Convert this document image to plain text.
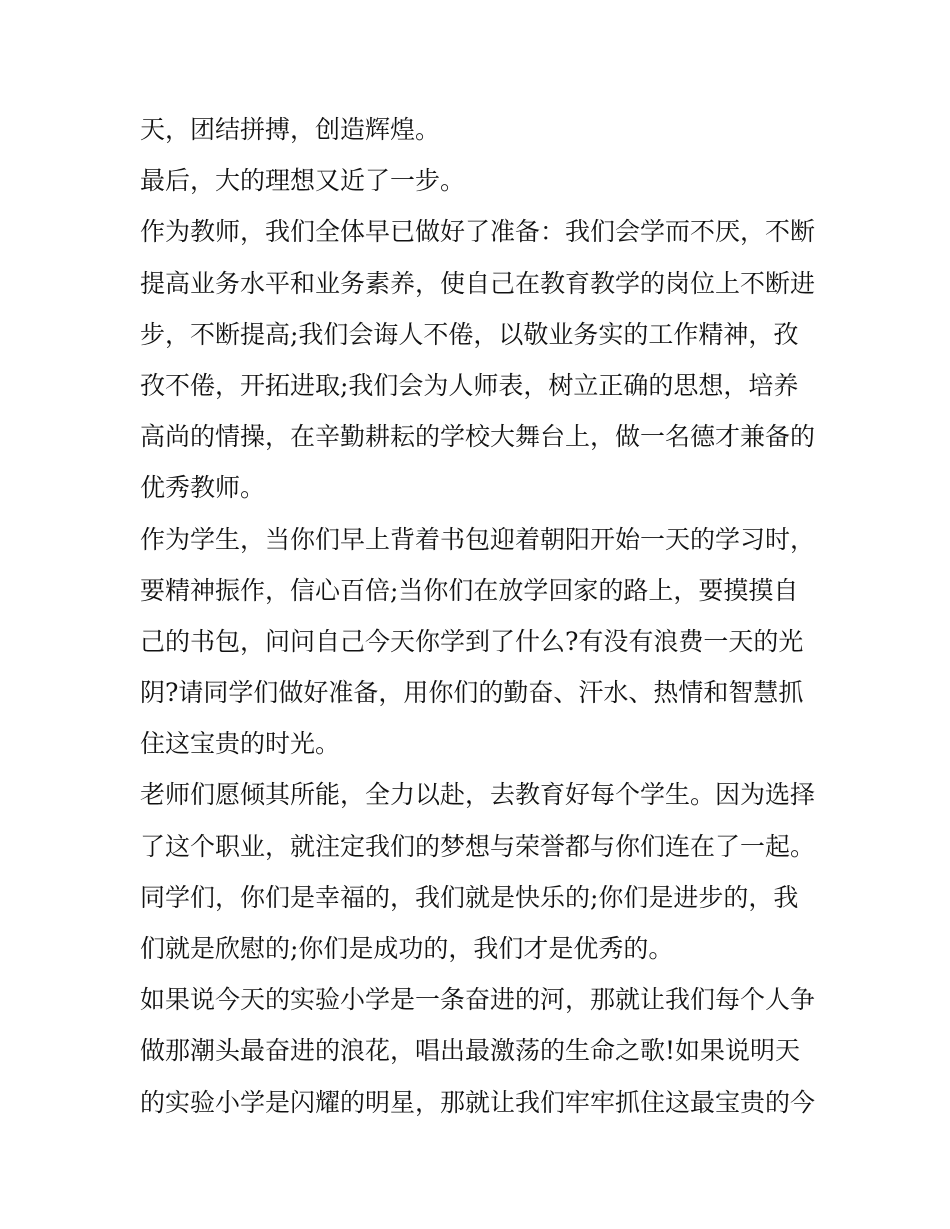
天，团结拼搏，创造辉煌。
最后，大的理想又近了一步。
作为教师，我们全体早已做好了准备：我们会学而不厌，不断
提高业务水平和业务素养，使自己在教育教学的岗位上不断进
步，不断提高;我们会诲人不倦，以敬业务实的工作精神，孜
孜不倦，开拓进取;我们会为人师表，树立正确的思想，培养
高尚的情操，在辛勤耕耘的学校大舞台上，做一名德才兼备的
优秀教师。
作为学生，当你们早上背着书包迎着朝阳开始一天的学习时，
要精神振作，信心百倍;当你们在放学回家的路上，要摸摸自
己的书包，问问自己今天你学到了什么?有没有浪费一天的光
阴?请同学们做好准备，用你们的勤奋、汗水、热情和智慧抓
住这宝贵的时光。
老师们愿倾其所能，全力以赴，去教育好每个学生。因为选择
了这个职业，就注定我们的梦想与荣誉都与你们连在了一起。
同学们，你们是幸福的，我们就是快乐的;你们是进步的，我
们就是欣慰的;你们是成功的，我们才是优秀的。
如果说今天的实验小学是一条奋进的河，那就让我们每个人争
做那潮头最奋进的浪花，唱出最激荡的生命之歌!如果说明天
的实验小学是闪耀的明星，那就让我们牢牢抓住这最宝贵的今
